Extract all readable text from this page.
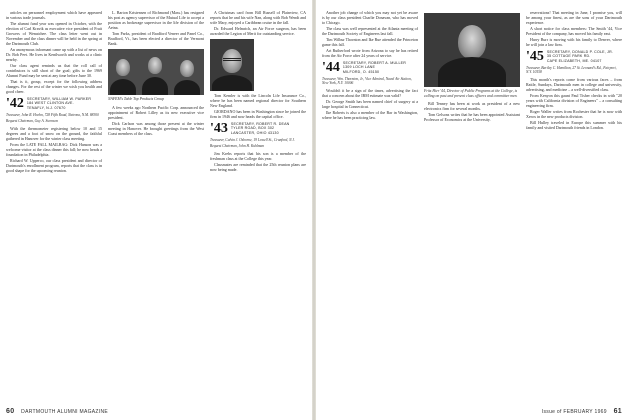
articles on personnel employment which have appeared in various trade journals.

The alumni fund year was opened in October, with the election of Carl Kravik as executive vice president of Fruit Growers of Wenatchee. The class letter went out in November and the class dinner will be held in the spring at the Dartmouth Club.

An anonymous informant came up with a list of news on Dr. Bob Peet. He lives in Kenilworth and works at a clinic nearby.

Our class agent reminds us that the roll call of contributors is still short of the goal; gifts to the 1969 Alumni Fund may be sent at any time before June 30.

That is it, group, except for the following address changes. For the rest of the winter we wish you health and good cheer.

'42 SECRETARY, WILLIAM W. PARKER
184 WEST CLINTON AVE.
TENAFLY, N.J. 07670
Treasurer, John R. Hoehn, 728 Fifth Road, Natrona, N.M. 88300
Bequest Chairman, Guy A. Swenson

With the thermometer registering below 10 and 15 degrees and a foot of snow on the ground, the faithful gathered in Hanover for the winter class meeting.

From the LATE FALL MAILBAG: Dick Hanson was a welcome visitor at the class dinner this fall; he now heads a foundation in Philadelphia.

Richard W. Upperco, our class president and director of Dartmouth's enrollment program, reports that the class is in good shape for the upcoming reunion.

L. Barton Kristensen of Richmond (Mass.) has resigned his post as agency supervisor of the Mutual Life to accept a position as brokerage supervisor in the life division of the Aetna.

Tom Parks, president of Bradford Veneer and Panel Co., Bradford, Vt., has been elected a director of the Vermont Bank.

NAFEM's Table Top Products Group

A few weeks ago Northern Pacific Corp. announced the appointment of Robert Lilley as its new executive vice president.

Dick Carlson was among those present at the winter meeting in Hanover. He brought greetings from the West Coast members of the class.

A Christmas card from Bill Russell of Plainview, CA reports that he and his wife Nan, along with Bob Wendt and wife Mary, enjoyed a Caribbean cruise in the fall.

Dr. Edward Helmrich, an Air Force surgeon, has been awarded the Legion of Merit for outstanding service.

Tom Kemler is with the Lincoln Life Insurance Co., where he has been named regional director for Southern New England.

GIORDANO has been in Washington since he joined the firm in 1946 and now heads the capital office.

'43 SECRETARY, ROBERT R. DEAN
TYLER ROAD, BOX 302
LANCASTER, OHIO 43130
Treasurer, Calvin J. Osborne, 19 Lowell St., Cranford, N.J.
Bequest Chairman, John H. Kuhlman

Jim Krebs reports that his son is a member of the freshman class at the College this year.

Classmates are reminded that the 25th reunion plans are now being made.

60 DARTMOUTH ALUMNI MAGAZINE

Another job change of which you may not yet be aware is by our class president Charlie Donavan, who has moved to Chicago.

The class was well represented at the Atlanta meeting of the Dartmouth Society of Engineers last fall.

Tim Wilbur Thornton and Ike Rue attended the Princeton game this fall.

Art Rutherford wrote from Arizona to say he has retired from the Air Force after 24 years of service.

'44 SECRETARY, ROBERT A. MULLER
1309 LOCH LANE
MILFORD, O. 45150
Treasurer, Wm. Thornton, Jr., Vice Admiral, Naval Air Station, New York, N.Y. 10006

Wouldn't it be a sign of the times, advertising the fact that a concern about the IBM estimate was valid?

Dr. George Smith has been named chief of surgery at a large hospital in Connecticut.

Ike Roberts is also a member of the Bar in Washington, where he has been practicing law.

Fritz Hier '44, Director of Public Programs at the College, is calling on past and present class officers and committee men.

Bill Tenney has been at work as president of a new electronics firm for several months.

Tom Gelsons writes that he has been appointed Assistant Professor of Economics at the University.

reservations! That meeting in June, I promise you, will be among your finest, as are the sons of your Dartmouth experience.

A short notice for class members: The Smith '44, Vice President of the company, has moved his family east.

Harry Burr is moving with his family to Denver, where he will join a law firm.

'45 SECRETARY, DONALD P. COLE, JR.
35 COTTAGE PARK RD.
CAPE ELIZABETH, ME. 04107
Treasurer, Bartley C. Hamilton, 27 St. Leonard's Rd., Fairport, N.Y. 10558

This month's reports come from various faces – from Rattle, Sundays, Dartmouth men in college and university, advertising, and medicine – a well-diversified class.

From Kenyon this gaunt Paul Tisher checks in with "20 years with California division of Engineers" – a consulting engineering firm.

Roger Waller writes from Rochester that he is now with Xerox in the new products division.

Bill Hulley traveled in Europe this summer with his family and visited Dartmouth friends in London.

Issue of FEBRUARY 1969 61
